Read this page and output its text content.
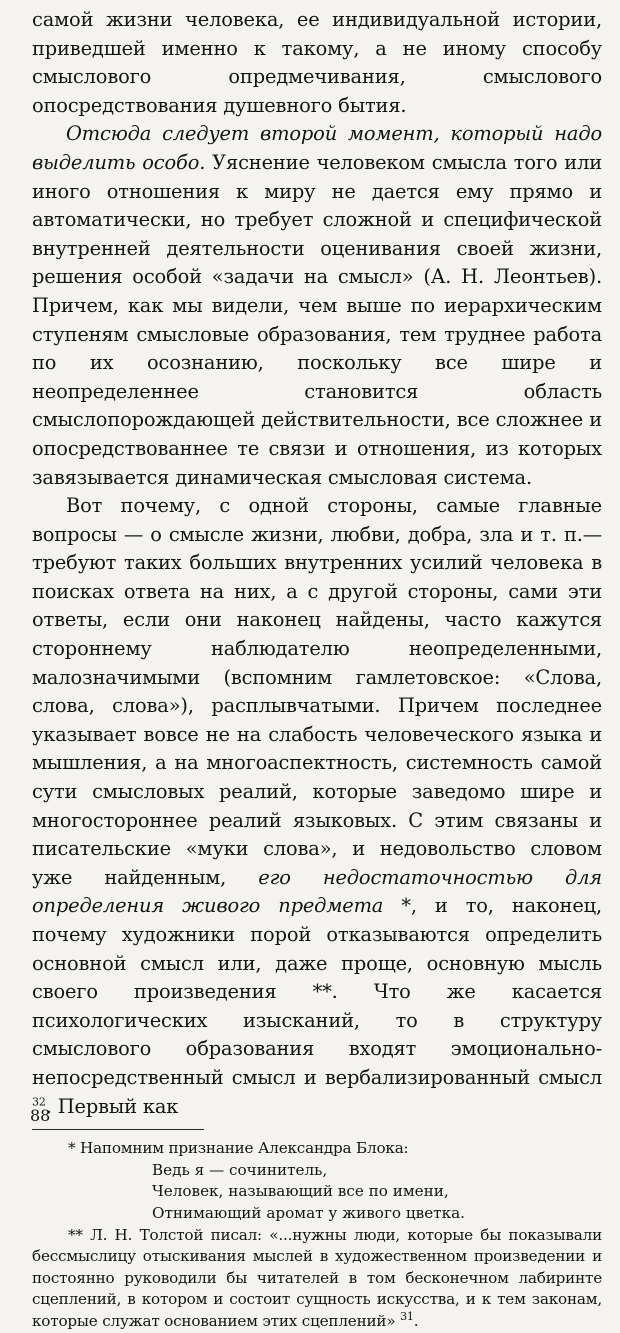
самой жизни человека, ее индивидуальной истории, приведшей именно к такому, а не иному способу смыслового опредмечивания, смыслового опосредствования душевного бытия.

Отсюда следует второй момент, который надо выделить особо. Уяснение человеком смысла того или иного отношения к миру не дается ему прямо и автоматически, но требует сложной и специфической внутренней деятельности оценивания своей жизни, решения особой «задачи на смысл» (А. Н. Леонтьев). Причем, как мы видели, чем выше по иерархическим ступеням смысловые образования, тем труднее работа по их осознанию, поскольку все шире и неопределеннее становится область смыслопорождающей действительности, все сложнее и опосредствованнее те связи и отношения, из которых завязывается динамическая смысловая система.

Вот почему, с одной стороны, самые главные вопросы — о смысле жизни, любви, добра, зла и т. п.— требуют таких больших внутренних усилий человека в поисках ответа на них, а с другой стороны, сами эти ответы, если они наконец найдены, часто кажутся стороннему наблюдателю неопределенными, малозначимыми (вспомним гамлетовское: «Слова, слова, слова»), расплывчатыми. Причем последнее указывает вовсе не на слабость человеческого языка и мышления, а на многоаспектность, системность самой сути смысловых реалий, которые заведомо шире и многостороннее реалий языковых. С этим связаны и писательские «муки слова», и недовольство словом уже найденным, его недостаточностью для определения живого предмета *, и то, наконец, почему художники порой отказываются определить основной смысл или, даже проще, основную мысль своего произведения **. Что же касается психологических изысканий, то в структуру смыслового образования входят эмоционально-непосредственный смысл и вербализированный смысл $^{32}$. Первый как

* Напомним признание Александра Блока:

Ведь я — сочинитель,

Человек, называющий все по имени,

Отнимающий аромат у живого цветка.

** Л. Н. Толстой писал: «...нужны люди, которые бы показывали бессмыслицу отыскивания мыслей в художественном произведении и постоянно руководили бы читателей в том бесконечном лабиринте сцеплений, в котором и состоит сущность искусства, и к тем законам, которые служат основанием этих сцеплений» $^{31}$.

88
